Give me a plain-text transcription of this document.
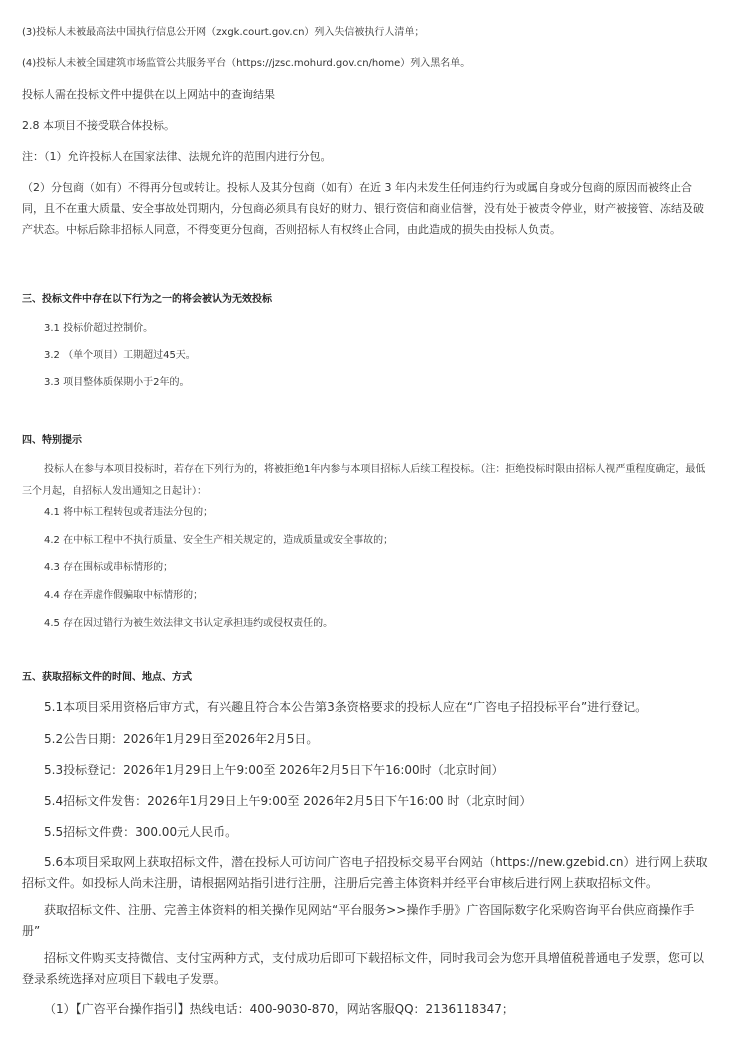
(3)投标人未被最高法中国执行信息公开网（zxgk.court.gov.cn）列入失信被执行人清单；

(4)投标人未被全国建筑市场监管公共服务平台（https://jzsc.mohurd.gov.cn/home）列入黑名单。

投标人需在投标文件中提供在以上网站中的查询结果

2.8 本项目不接受联合体投标。

注：（1）允许投标人在国家法律、法规允许的范围内进行分包。

（2）分包商（如有）不得再分包或转让。投标人及其分包商（如有）在近 3 年内未发生任何违约行为或属自身或分包商的原因而被终止合同，且不在重大质量、安全事故处罚期内，分包商必须具有良好的财力、银行资信和商业信誉，没有处于被责令停业，财产被接管、冻结及破产状态。中标后除非招标人同意，不得变更分包商，否则招标人有权终止合同，由此造成的损失由投标人负责。

三、投标文件中存在以下行为之一的将会被认为无效投标

3.1 投标价超过控制价。

3.2 （单个项目）工期超过45天。

3.3 项目整体质保期小于2年的。

四、特别提示

投标人在参与本项目投标时，若存在下列行为的，将被拒绝1年内参与本项目招标人后续工程投标。（注：拒绝投标时限由招标人视严重程度确定，最低三个月起，自招标人发出通知之日起计）：

4.1 将中标工程转包或者违法分包的；

4.2 在中标工程中不执行质量、安全生产相关规定的，造成质量或安全事故的；

4.3 存在围标或串标情形的；

4.4 存在弄虚作假骗取中标情形的；

4.5 存在因过错行为被生效法律文书认定承担违约或侵权责任的。

五、获取招标文件的时间、地点、方式

5.1本项目采用资格后审方式，有兴趣且符合本公告第3条资格要求的投标人应在“广咨电子招投标平台”进行登记。

5.2公告日期：2026年1月29日至2026年2月5日。

5.3投标登记：2026年1月29日上午9:00至 2026年2月5日下午16:00时（北京时间）

5.4招标文件发售：2026年1月29日上午9:00至 2026年2月5日下午16:00 时（北京时间）

5.5招标文件费：300.00元人民币。

5.6本项目采取网上获取招标文件，潜在投标人可访问广咨电子招投标交易平台网站（https://new.gzebid.cn）进行网上获取招标文件。如投标人尚未注册，请根据网站指引进行注册，注册后完善主体资料并经平台审核后进行网上获取招标文件。

获取招标文件、注册、完善主体资料的相关操作见网站“平台服务>>操作手册》广咨国际数字化采购咨询平台供应商操作手册”

招标文件购买支持微信、支付宝两种方式，支付成功后即可下载招标文件，同时我司会为您开具增值税普通电子发票，您可以登录系统选择对应项目下载电子发票。

（1）【广咨平台操作指引】热线电话：400-9030-870，网站客服QQ：2136118347；
